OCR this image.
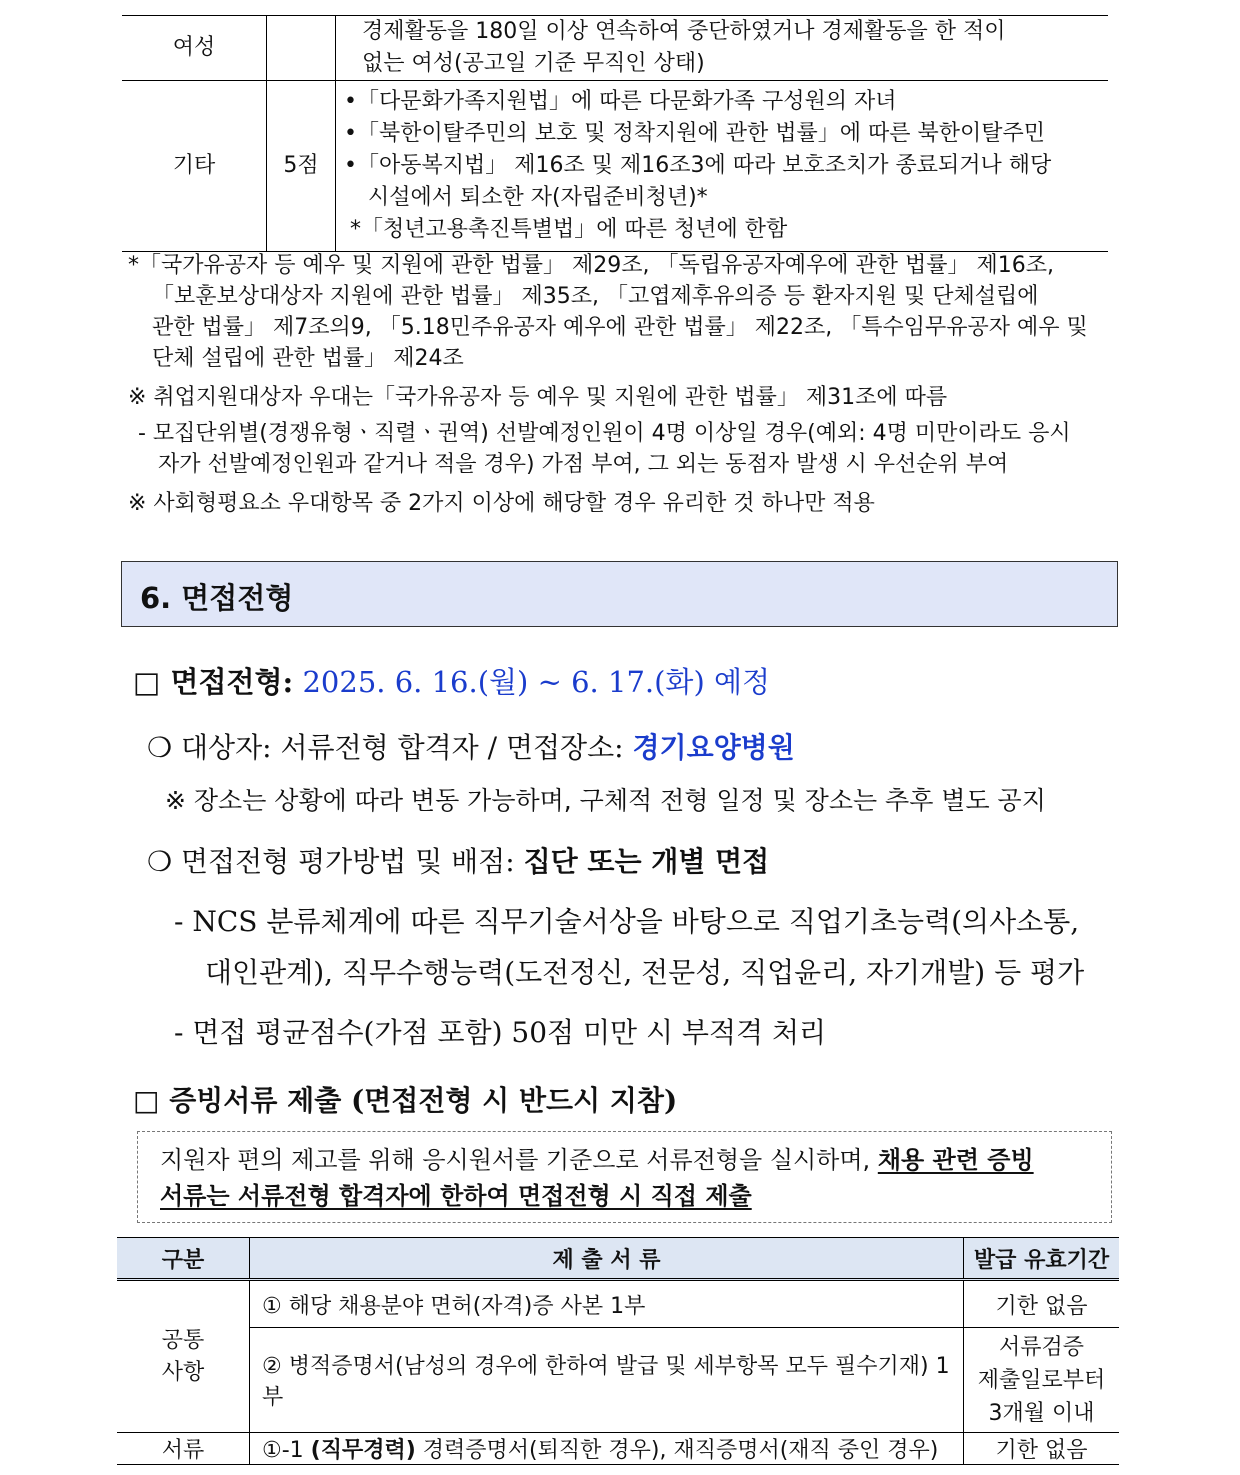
여성		경제활동을 180일 이상 연속하여 중단하였거나 경제활동을 한 적이
없는 여성(공고일 기준 무직인 상태)

기타	5점	•「다문화가족지원법」에 따른 다문화가족 구성원의 자녀
•「북한이탈주민의 보호 및 정착지원에 관한 법률」에 따른 북한이탈주민
•「아동복지법」 제16조 및 제16조3에 따라 보호조치가 종료되거나 해당
시설에서 퇴소한 자(자립준비청년)*
*「청년고용촉진특별법」에 따른 청년에 한함
*「국가유공자 등 예우 및 지원에 관한 법률」 제29조, 「독립유공자예우에 관한 법률」 제16조,
「보훈보상대상자 지원에 관한 법률」 제35조, 「고엽제후유의증 등 환자지원 및 단체설립에
관한 법률」 제7조의9, 「5.18민주유공자 예우에 관한 법률」 제22조, 「특수임무유공자 예우 및
단체 설립에 관한 법률」 제24조
※ 취업지원대상자 우대는「국가유공자 등 예우 및 지원에 관한 법률」 제31조에 따름
- 모집단위별(경쟁유형ㆍ직렬ㆍ권역) 선발예정인원이 4명 이상일 경우(예외: 4명 미만이라도 응시
자가 선발예정인원과 같거나 적을 경우) 가점 부여, 그 외는 동점자 발생 시 우선순위 부여
※ 사회형평요소 우대항목 중 2가지 이상에 해당할 경우 유리한 것 하나만 적용
6. 면접전형
□ 면접전형: 2025. 6. 16.(월) ~ 6. 17.(화) 예정
❍ 대상자: 서류전형 합격자 / 면접장소: 경기요양병원
※ 장소는 상황에 따라 변동 가능하며, 구체적 전형 일정 및 장소는 추후 별도 공지
❍ 면접전형 평가방법 및 배점: 집단 또는 개별 면접
- NCS 분류체계에 따른 직무기술서상을 바탕으로 직업기초능력(의사소통,
대인관계), 직무수행능력(도전정신, 전문성, 직업윤리, 자기개발) 등 평가
- 면접 평균점수(가점 포함) 50점 미만 시 부적격 처리
□ 증빙서류 제출 (면접전형 시 반드시 지참)
지원자 편의 제고를 위해 응시원서를 기준으로 서류전형을 실시하며, 채용 관련 증빙
서류는 서류전형 합격자에 한하여 면접전형 시 직접 제출
구분	제 출 서 류	발급 유효기간

공통
사항	① 해당 채용분야 면허(자격)증 사본 1부	기한 없음
	② 병적증명서(남성의 경우에 한하여 발급 및 세부항목 모두 필수기재) 1부	서류검증
제출일로부터
3개월 이내

서류	①-1 (직무경력) 경력증명서(퇴직한 경우), 재직증명서(재직 중인 경우)	기한 없음
